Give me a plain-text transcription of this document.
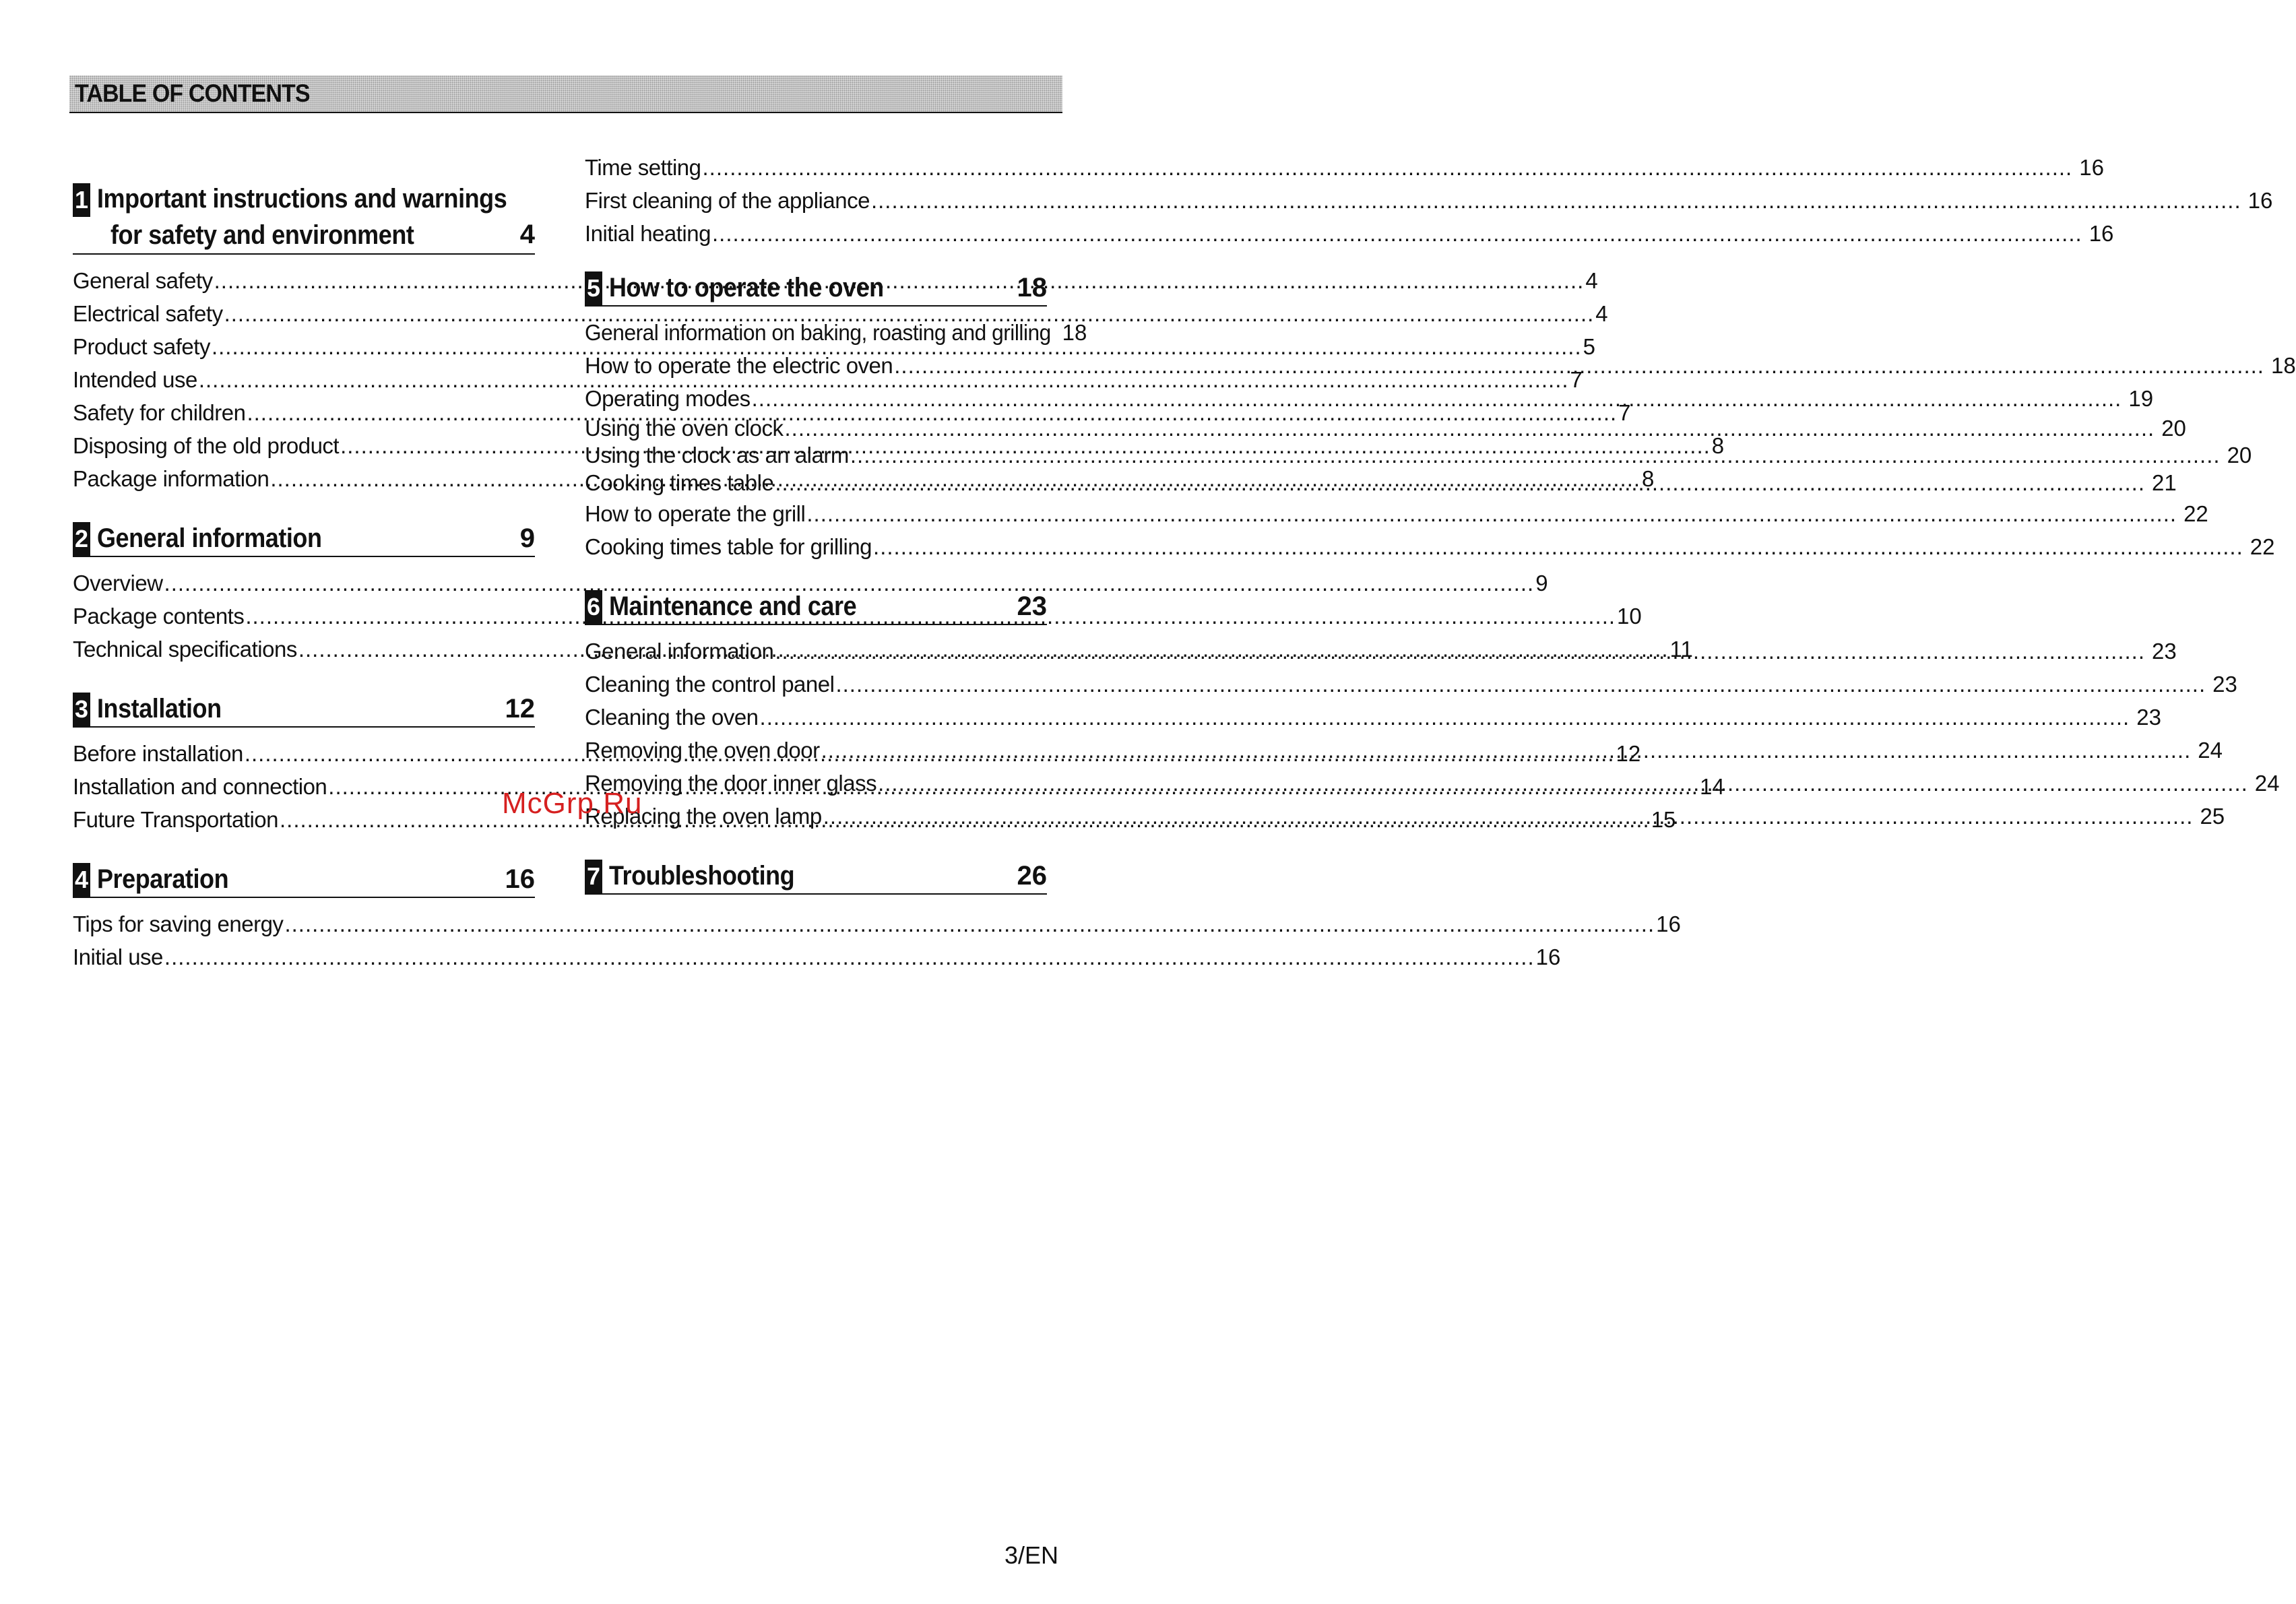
TABLE OF CONTENTS
1 Important instructions and warnings
for safety and environment	4
General safety .....	4
Electrical safety .....	4
Product safety .....	5
Intended use .....	7
Safety for children .....	7
Disposing of the old product .....	8
Package information .....	8
2 General information	9
Overview .....	9
Package contents .....	10
Technical specifications .....	11
3 Installation	12
Before installation .....	12
Installation and connection .....	14
Future Transportation .....	15
4 Preparation	16
Tips for saving energy .....	16
Initial use .....	16
Time setting .....	16
First cleaning of the appliance .....	16
Initial heating .....	16
5 How to operate the oven	18
General information on baking, roasting and grilling 18
How to operate the electric oven .....	18
Operating modes .....	19
Using the oven clock .....	20
Using the clock as an alarm .....	20
Cooking times table .....	21
How to operate the grill .....	22
Cooking times table for grilling .....	22
6 Maintenance and care	23
General information .....	23
Cleaning the control panel .....	23
Cleaning the oven .....	23
Removing the oven door .....	24
Removing the door inner glass .....	24
Replacing the oven lamp .....	25
7 Troubleshooting	26
McGrp.Ru
3/EN
